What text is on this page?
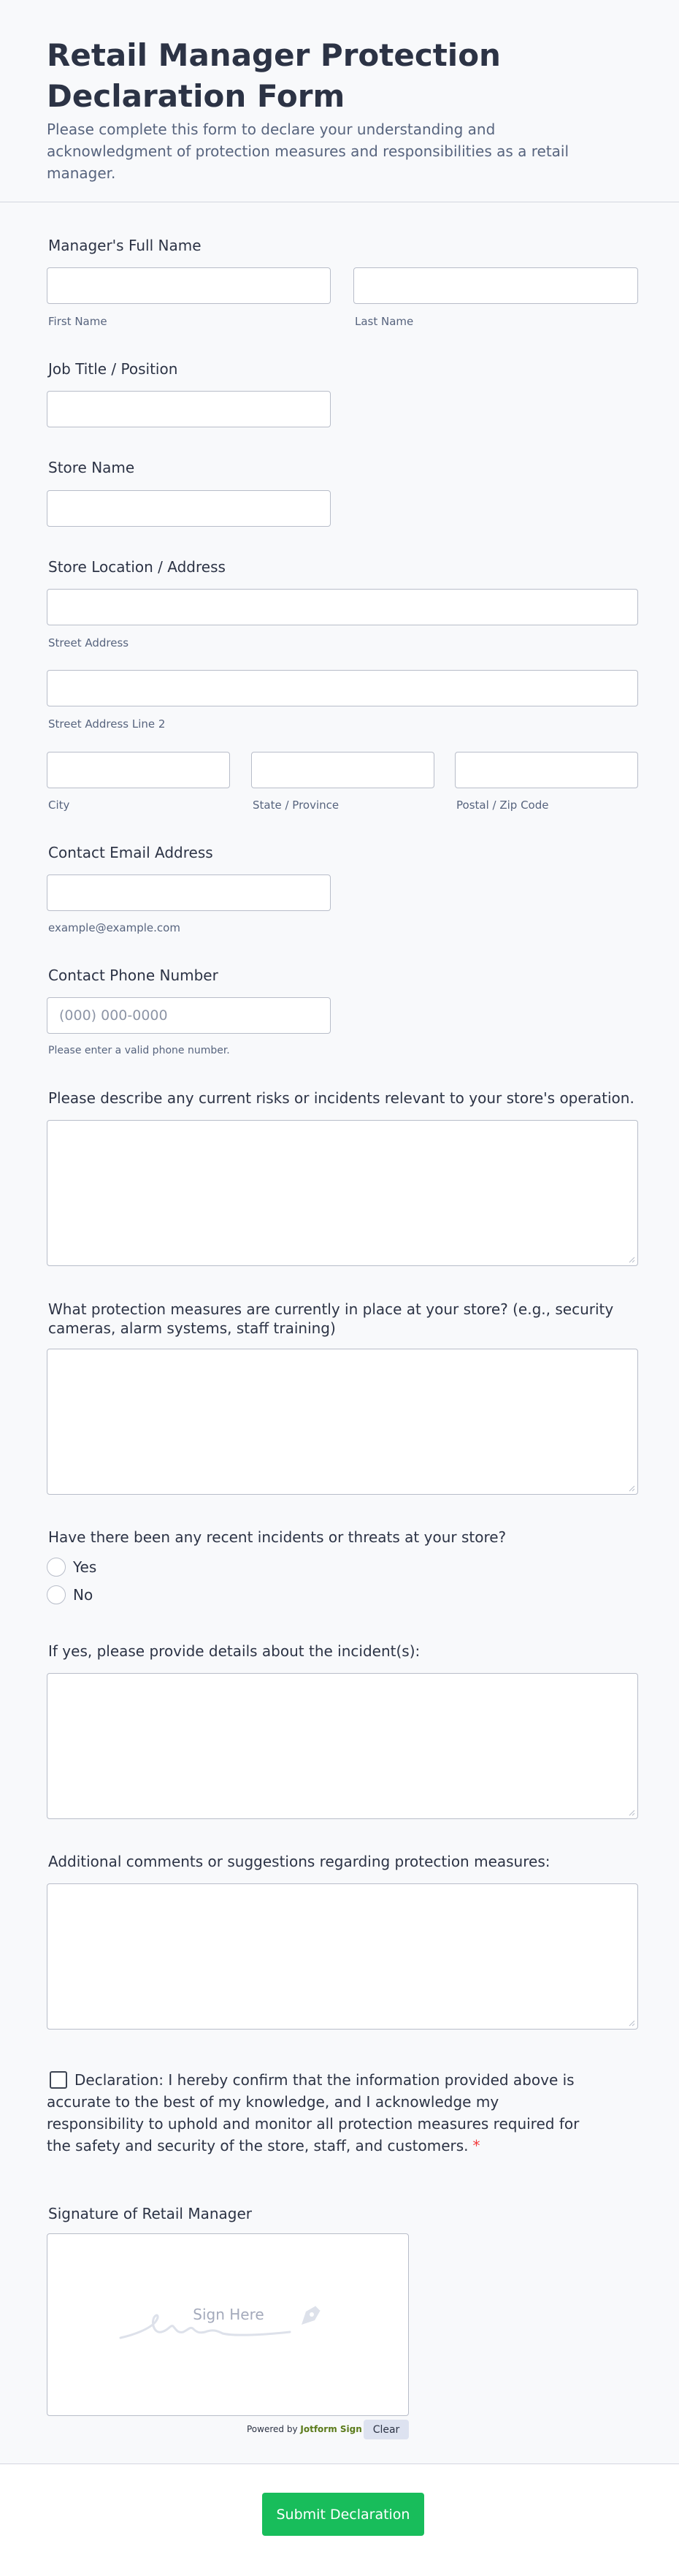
Retail Manager Protection Declaration Form

Please complete this form to declare your understanding and acknowledgment of protection measures and responsibilities as a retail manager.

Manager's Full Name
First Name	Last Name
Job Title / Position
Store Name
Store Location / Address
Street Address
Street Address Line 2
City	State / Province	Postal / Zip Code
Contact Email Address
example@example.com
Contact Phone Number
(000) 000-0000
Please enter a valid phone number.
Please describe any current risks or incidents relevant to your store's operation.
What protection measures are currently in place at your store? (e.g., security cameras, alarm systems, staff training)
Have there been any recent incidents or threats at your store?
Yes
No
If yes, please provide details about the incident(s):
Additional comments or suggestions regarding protection measures:

Declaration: I hereby confirm that the information provided above is accurate to the best of my knowledge, and I acknowledge my responsibility to uphold and monitor all protection measures required for the safety and security of the store, staff, and customers. *

Signature of Retail Manager
Sign Here
Powered by Jotform Sign	Clear
Submit Declaration
